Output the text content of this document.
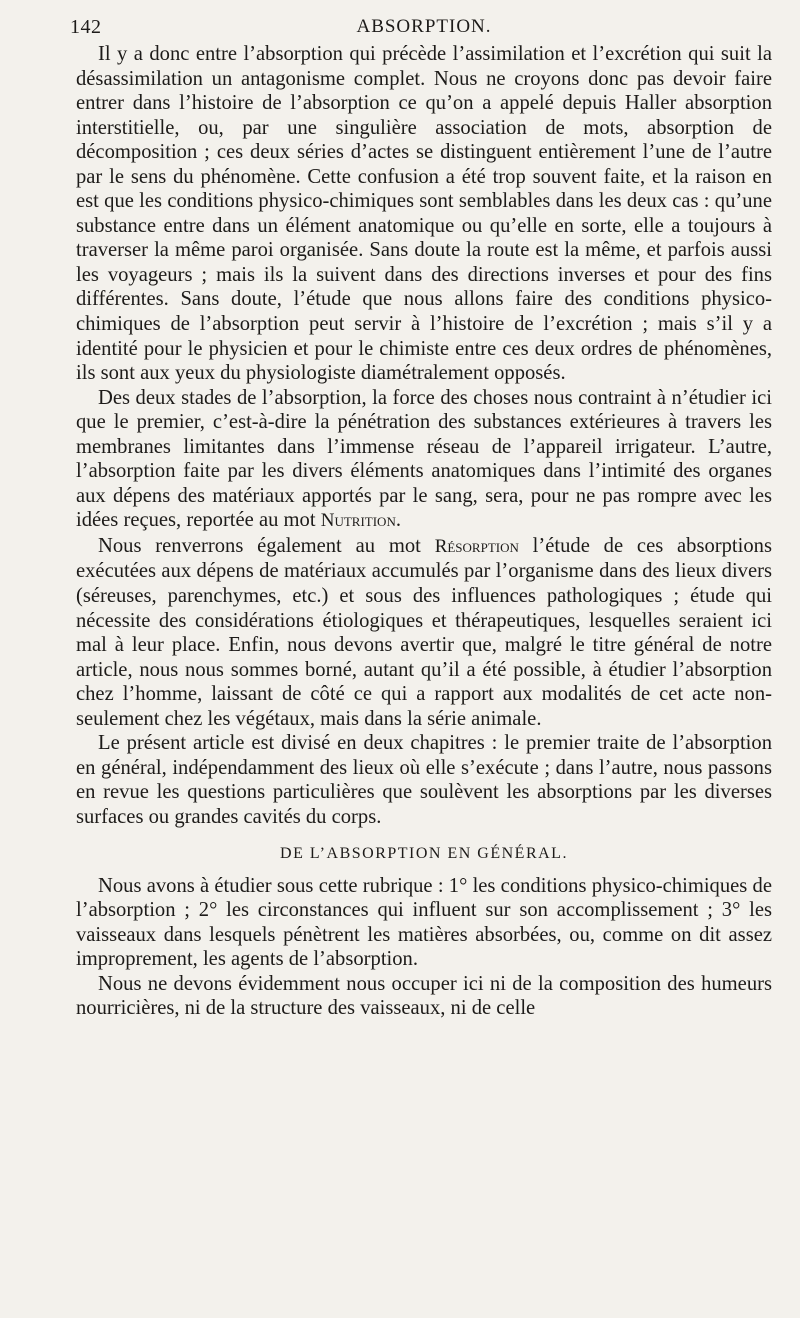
142	ABSORPTION.

Il y a donc entre l’absorption qui précède l’assimilation et l’excrétion qui suit la désassimilation un antagonisme complet. Nous ne croyons donc pas devoir faire entrer dans l’histoire de l’absorption ce qu’on a appelé depuis Haller absorption interstitielle, ou, par une singulière association de mots, absorption de décomposition ; ces deux séries d’actes se distinguent entièrement l’une de l’autre par le sens du phénomène. Cette confusion a été trop souvent faite, et la raison en est que les conditions physico-chimiques sont semblables dans les deux cas : qu’une substance entre dans un élément anatomique ou qu’elle en sorte, elle a toujours à traverser la même paroi organisée. Sans doute la route est la même, et parfois aussi les voyageurs ; mais ils la suivent dans des directions inverses et pour des fins différentes. Sans doute, l’étude que nous allons faire des conditions physico-chimiques de l’absorption peut servir à l’histoire de l’excrétion ; mais s’il y a identité pour le physicien et pour le chimiste entre ces deux ordres de phénomènes, ils sont aux yeux du physiologiste diamétralement opposés.

Des deux stades de l’absorption, la force des choses nous contraint à n’étudier ici que le premier, c’est-à-dire la pénétration des substances extérieures à travers les membranes limitantes dans l’immense réseau de l’appareil irrigateur. L’autre, l’absorption faite par les divers éléments anatomiques dans l’intimité des organes aux dépens des matériaux apportés par le sang, sera, pour ne pas rompre avec les idées reçues, reportée au mot Nutrition.

Nous renverrons également au mot Résorption l’étude de ces absorptions exécutées aux dépens de matériaux accumulés par l’organisme dans des lieux divers (séreuses, parenchymes, etc.) et sous des influences pathologiques ; étude qui nécessite des considérations étiologiques et thérapeutiques, lesquelles seraient ici mal à leur place. Enfin, nous devons avertir que, malgré le titre général de notre article, nous nous sommes borné, autant qu’il a été possible, à étudier l’absorption chez l’homme, laissant de côté ce qui a rapport aux modalités de cet acte non-seulement chez les végétaux, mais dans la série animale.

Le présent article est divisé en deux chapitres : le premier traite de l’absorption en général, indépendamment des lieux où elle s’exécute ; dans l’autre, nous passons en revue les questions particulières que soulèvent les absorptions par les diverses surfaces ou grandes cavités du corps.

DE L’ABSORPTION EN GÉNÉRAL.

Nous avons à étudier sous cette rubrique : 1° les conditions physico-chimiques de l’absorption ; 2° les circonstances qui influent sur son accomplissement ; 3° les vaisseaux dans lesquels pénètrent les matières absorbées, ou, comme on dit assez improprement, les agents de l’absorption.

Nous ne devons évidemment nous occuper ici ni de la composition des humeurs nourricières, ni de la structure des vaisseaux, ni de celle
